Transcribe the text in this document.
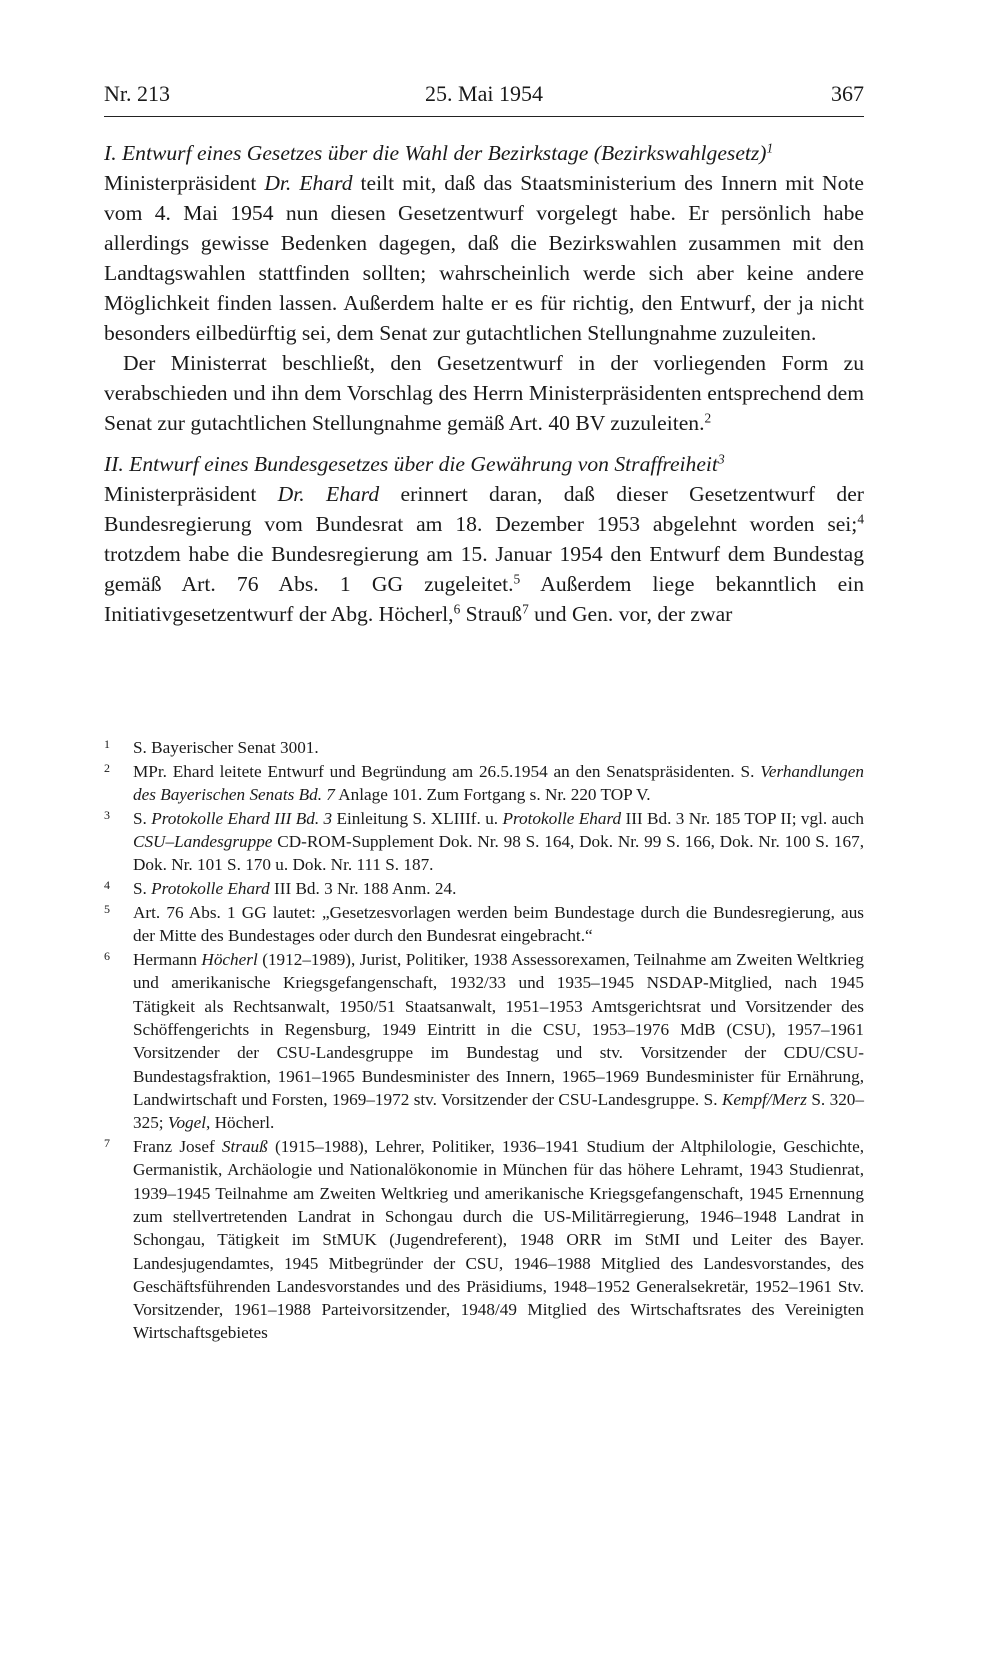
Nr. 213	25. Mai 1954	367

I. Entwurf eines Gesetzes über die Wahl der Bezirkstage (Bezirkswahlgesetz)$^1$

Ministerpräsident Dr. Ehard teilt mit, daß das Staatsministerium des Innern mit Note vom 4. Mai 1954 nun diesen Gesetzentwurf vorgelegt habe. Er persönlich habe allerdings gewisse Bedenken dagegen, daß die Bezirkswahlen zusammen mit den Landtagswahlen stattfinden sollten; wahrscheinlich werde sich aber keine andere Möglichkeit finden lassen. Außerdem halte er es für richtig, den Entwurf, der ja nicht besonders eilbedürftig sei, dem Senat zur gutachtlichen Stellungnahme zuzuleiten.

Der Ministerrat beschließt, den Gesetzentwurf in der vorliegenden Form zu verabschieden und ihn dem Vorschlag des Herrn Ministerpräsidenten entsprechend dem Senat zur gutachtlichen Stellungnahme gemäß Art. 40 BV zuzuleiten.$^2$

II. Entwurf eines Bundesgesetzes über die Gewährung von Straffreiheit$^3$

Ministerpräsident Dr. Ehard erinnert daran, daß dieser Gesetzentwurf der Bundesregierung vom Bundesrat am 18. Dezember 1953 abgelehnt worden sei;$^4$ trotzdem habe die Bundesregierung am 15. Januar 1954 den Entwurf dem Bundestag gemäß Art. 76 Abs. 1 GG zugeleitet.$^5$ Außerdem liege bekanntlich ein Initiativgesetzentwurf der Abg. Höcherl,$^6$ Strauß$^7$ und Gen. vor, der zwar

1 S. Bayerischer Senat 3001.

2 MPr. Ehard leitete Entwurf und Begründung am 26.5.1954 an den Senatspräsidenten. S. Verhandlungen des Bayerischen Senats Bd. 7 Anlage 101. Zum Fortgang s. Nr. 220 TOP V.

3 S. Protokolle Ehard III Bd. 3 Einleitung S. XLIIIf. u. Protokolle Ehard III Bd. 3 Nr. 185 TOP II; vgl. auch CSU–Landesgruppe CD-ROM-Supplement Dok. Nr. 98 S. 164, Dok. Nr. 99 S. 166, Dok. Nr. 100 S. 167, Dok. Nr. 101 S. 170 u. Dok. Nr. 111 S. 187.

4 S. Protokolle Ehard III Bd. 3 Nr. 188 Anm. 24.

5 Art. 76 Abs. 1 GG lautet: „Gesetzesvorlagen werden beim Bundestage durch die Bundesregierung, aus der Mitte des Bundestages oder durch den Bundesrat eingebracht.“

6 Hermann Höcherl (1912–1989), Jurist, Politiker, 1938 Assessorexamen, Teilnahme am Zweiten Weltkrieg und amerikanische Kriegsgefangenschaft, 1932/33 und 1935–1945 NSDAP-Mitglied, nach 1945 Tätigkeit als Rechtsanwalt, 1950/51 Staatsanwalt, 1951–1953 Amtsgerichtsrat und Vorsitzender des Schöffengerichts in Regensburg, 1949 Eintritt in die CSU, 1953–1976 MdB (CSU), 1957–1961 Vorsitzender der CSU-Landesgruppe im Bundestag und stv. Vorsitzender der CDU/CSU-Bundestagsfraktion, 1961–1965 Bundesminister des Innern, 1965–1969 Bundesminister für Ernährung, Landwirtschaft und Forsten, 1969–1972 stv. Vorsitzender der CSU-Landesgruppe. S. Kempf/Merz S. 320–325; Vogel, Höcherl.

7 Franz Josef Strauß (1915–1988), Lehrer, Politiker, 1936–1941 Studium der Altphilologie, Geschichte, Germanistik, Archäologie und Nationalökonomie in München für das höhere Lehramt, 1943 Studienrat, 1939–1945 Teilnahme am Zweiten Weltkrieg und amerikanische Kriegsgefangenschaft, 1945 Ernennung zum stellvertretenden Landrat in Schongau durch die US-Militärregierung, 1946–1948 Landrat in Schongau, Tätigkeit im StMUK (Jugendreferent), 1948 ORR im StMI und Leiter des Bayer. Landesjugendamtes, 1945 Mitbegründer der CSU, 1946–1988 Mitglied des Landesvorstandes, des Geschäftsführenden Landesvorstandes und des Präsidiums, 1948–1952 Generalsekretär, 1952–1961 Stv. Vorsitzender, 1961–1988 Parteivorsitzender, 1948/49 Mitglied des Wirtschaftsrates des Vereinigten Wirtschaftsgebietes
